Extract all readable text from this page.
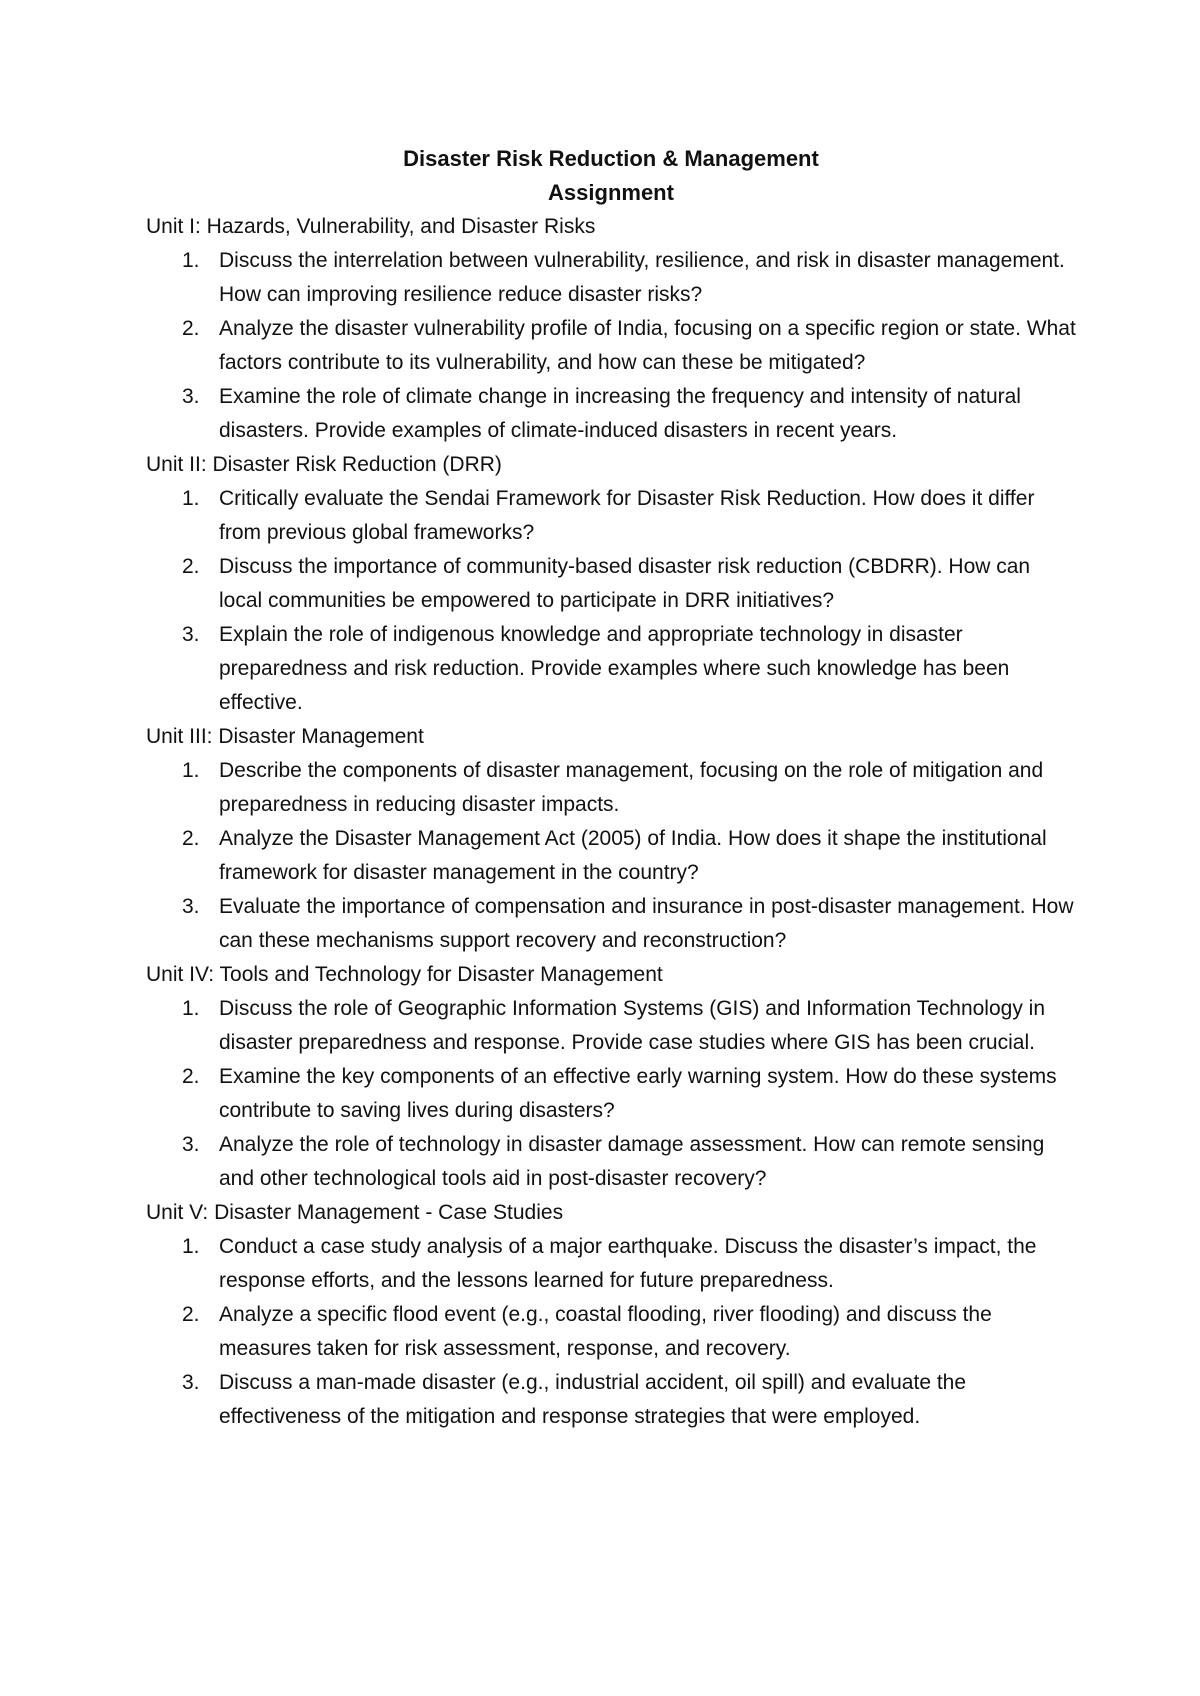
Disaster Risk Reduction & Management
Assignment

Unit I: Hazards, Vulnerability, and Disaster Risks

1. Discuss the interrelation between vulnerability, resilience, and risk in disaster management. How can improving resilience reduce disaster risks?
2. Analyze the disaster vulnerability profile of India, focusing on a specific region or state. What factors contribute to its vulnerability, and how can these be mitigated?
3. Examine the role of climate change in increasing the frequency and intensity of natural disasters. Provide examples of climate-induced disasters in recent years.

Unit II: Disaster Risk Reduction (DRR)

1. Critically evaluate the Sendai Framework for Disaster Risk Reduction. How does it differ from previous global frameworks?
2. Discuss the importance of community-based disaster risk reduction (CBDRR). How can local communities be empowered to participate in DRR initiatives?
3. Explain the role of indigenous knowledge and appropriate technology in disaster preparedness and risk reduction. Provide examples where such knowledge has been effective.

Unit III: Disaster Management

1. Describe the components of disaster management, focusing on the role of mitigation and preparedness in reducing disaster impacts.
2. Analyze the Disaster Management Act (2005) of India. How does it shape the institutional framework for disaster management in the country?
3. Evaluate the importance of compensation and insurance in post-disaster management. How can these mechanisms support recovery and reconstruction?

Unit IV: Tools and Technology for Disaster Management

1. Discuss the role of Geographic Information Systems (GIS) and Information Technology in disaster preparedness and response. Provide case studies where GIS has been crucial.
2. Examine the key components of an effective early warning system. How do these systems contribute to saving lives during disasters?
3. Analyze the role of technology in disaster damage assessment. How can remote sensing and other technological tools aid in post-disaster recovery?

Unit V: Disaster Management - Case Studies

1. Conduct a case study analysis of a major earthquake. Discuss the disaster’s impact, the response efforts, and the lessons learned for future preparedness.
2. Analyze a specific flood event (e.g., coastal flooding, river flooding) and discuss the measures taken for risk assessment, response, and recovery.
3. Discuss a man-made disaster (e.g., industrial accident, oil spill) and evaluate the effectiveness of the mitigation and response strategies that were employed.
